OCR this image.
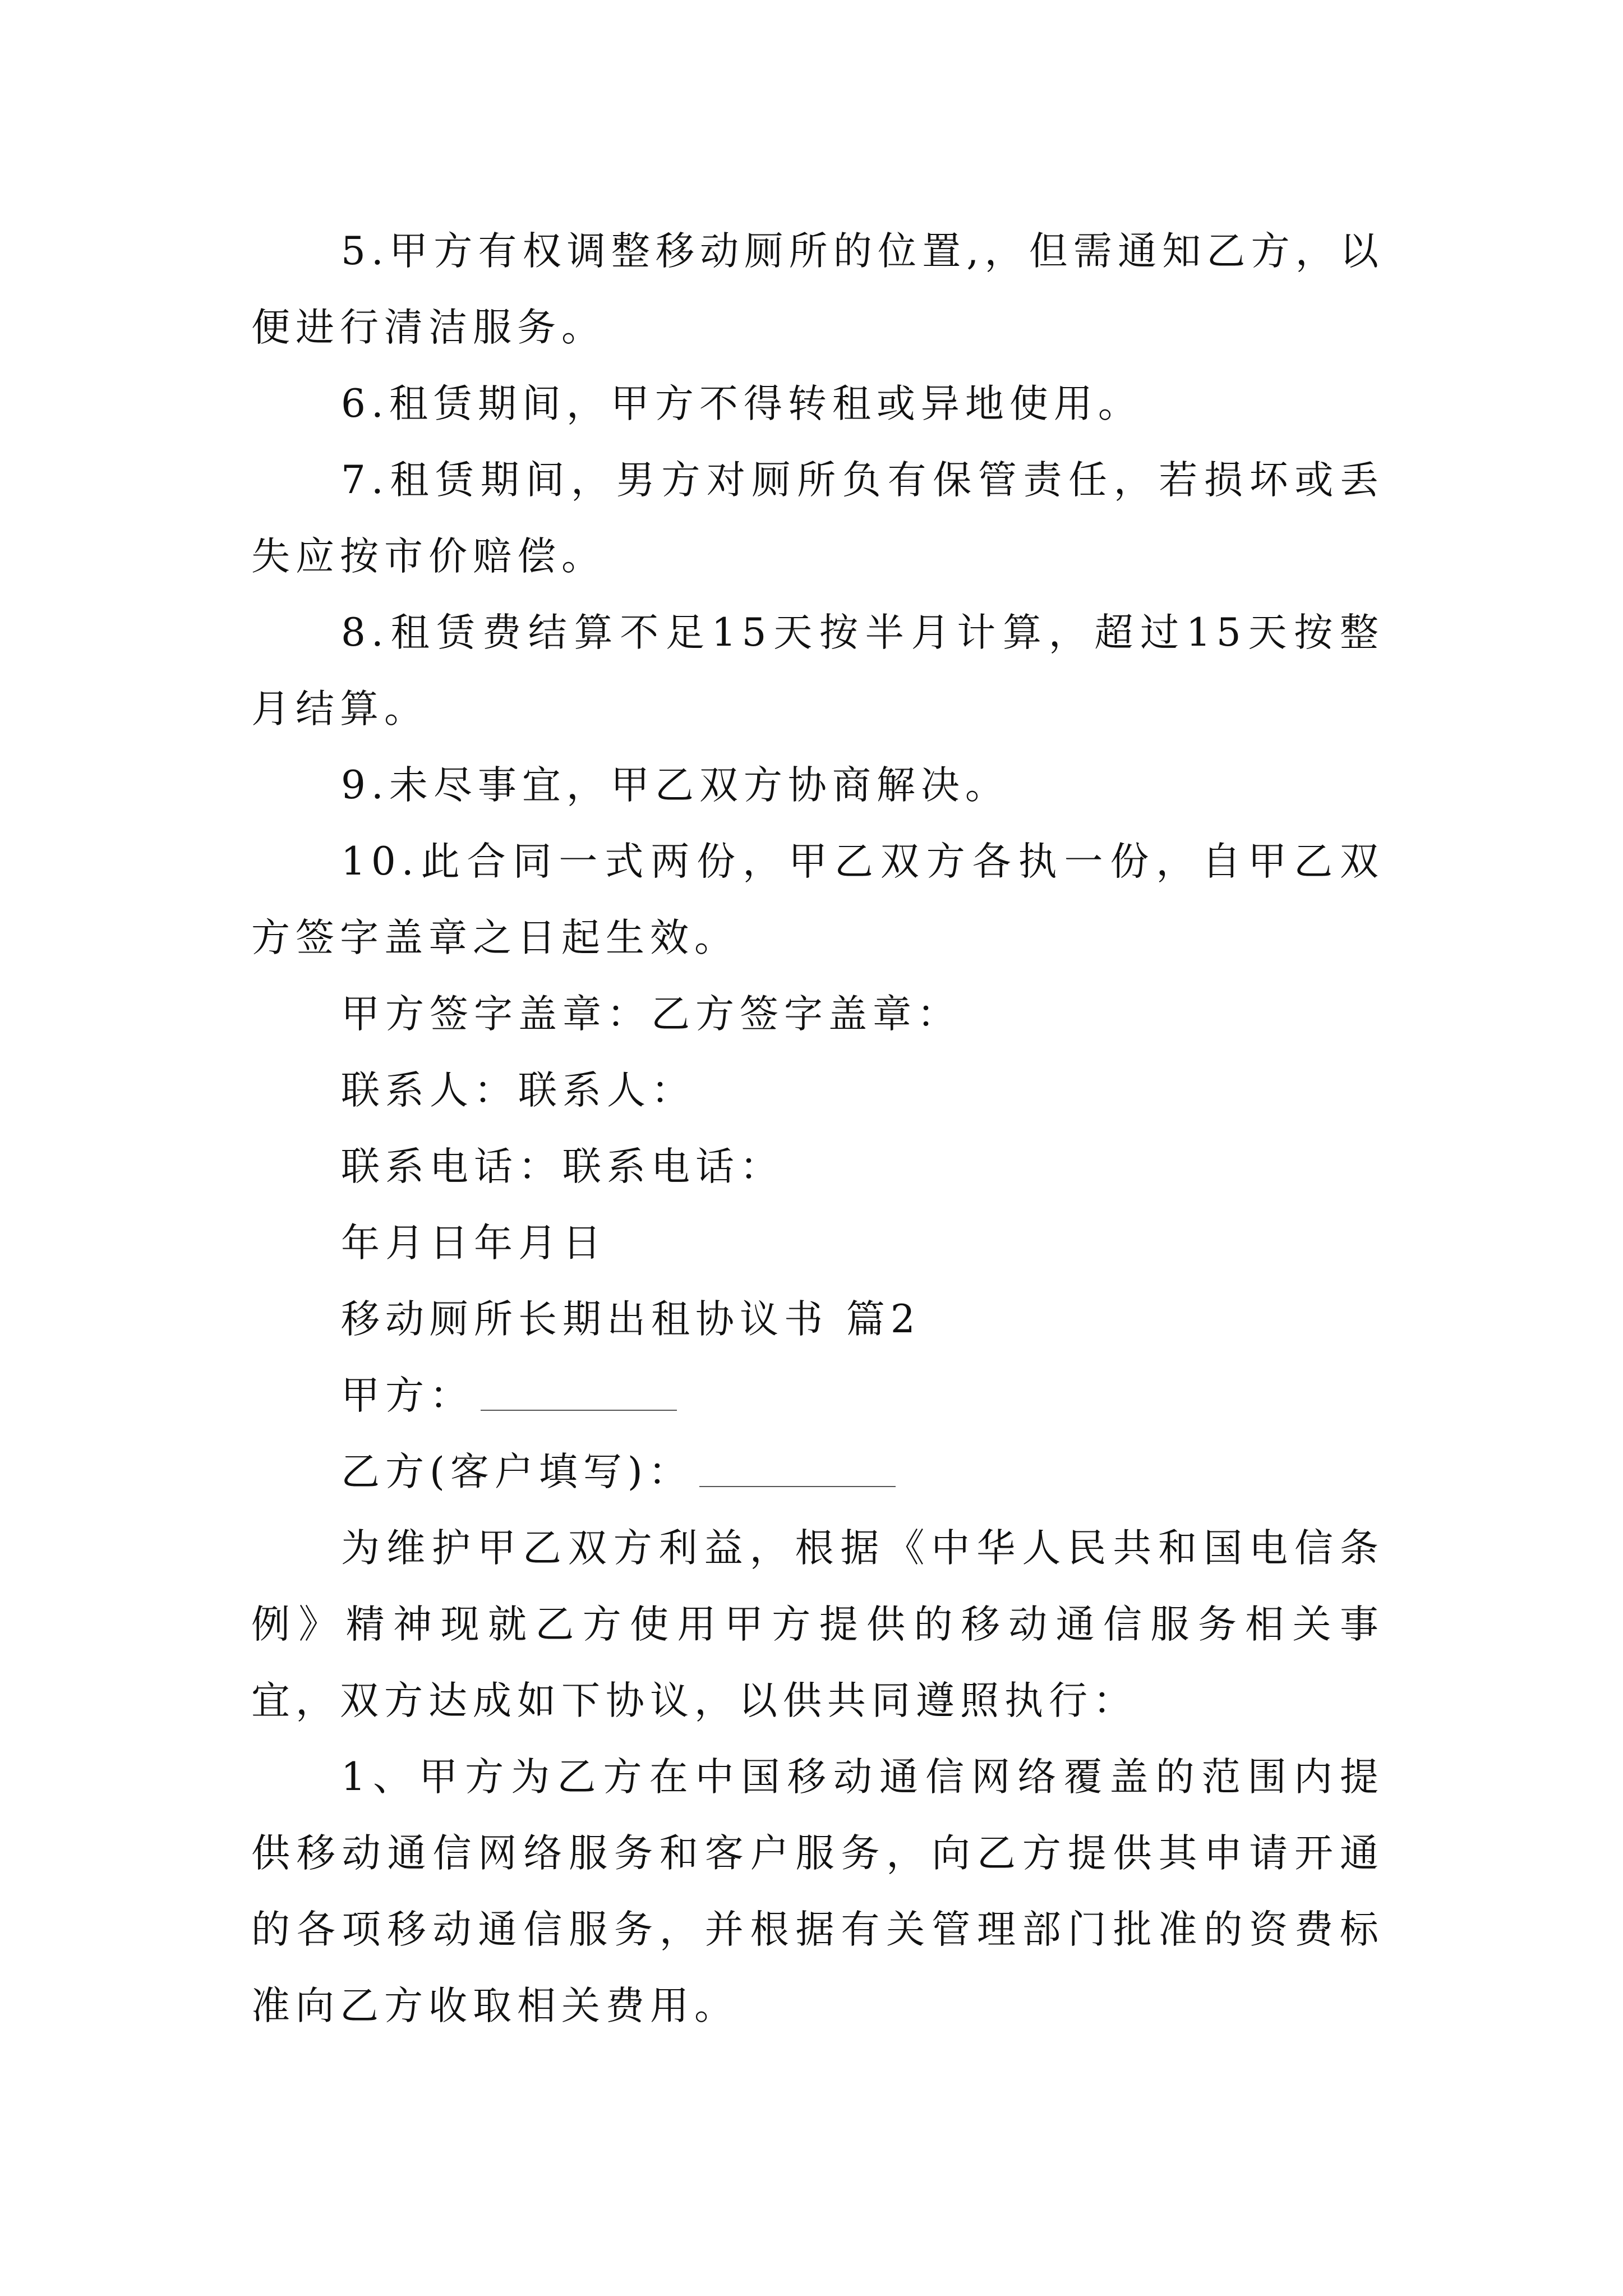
5.甲方有权调整移动厕所的位置,，但需通知乙方，以便进行清洁服务。

6.租赁期间，甲方不得转租或异地使用。

7.租赁期间，男方对厕所负有保管责任，若损坏或丢失应按市价赔偿。

8.租赁费结算不足15天按半月计算，超过15天按整月结算。

9.未尽事宜，甲乙双方协商解决。

10.此合同一式两份，甲乙双方各执一份，自甲乙双方签字盖章之日起生效。

甲方签字盖章：乙方签字盖章：

联系人：联系人：

联系电话：联系电话：

年月日年月日

移动厕所长期出租协议书 篇2

甲方：

乙方(客户填写)：

为维护甲乙双方利益，根据《中华人民共和国电信条例》精神现就乙方使用甲方提供的移动通信服务相关事宜，双方达成如下协议，以供共同遵照执行：

1、甲方为乙方在中国移动通信网络覆盖的范围内提供移动通信网络服务和客户服务，向乙方提供其申请开通的各项移动通信服务，并根据有关管理部门批准的资费标准向乙方收取相关费用。
